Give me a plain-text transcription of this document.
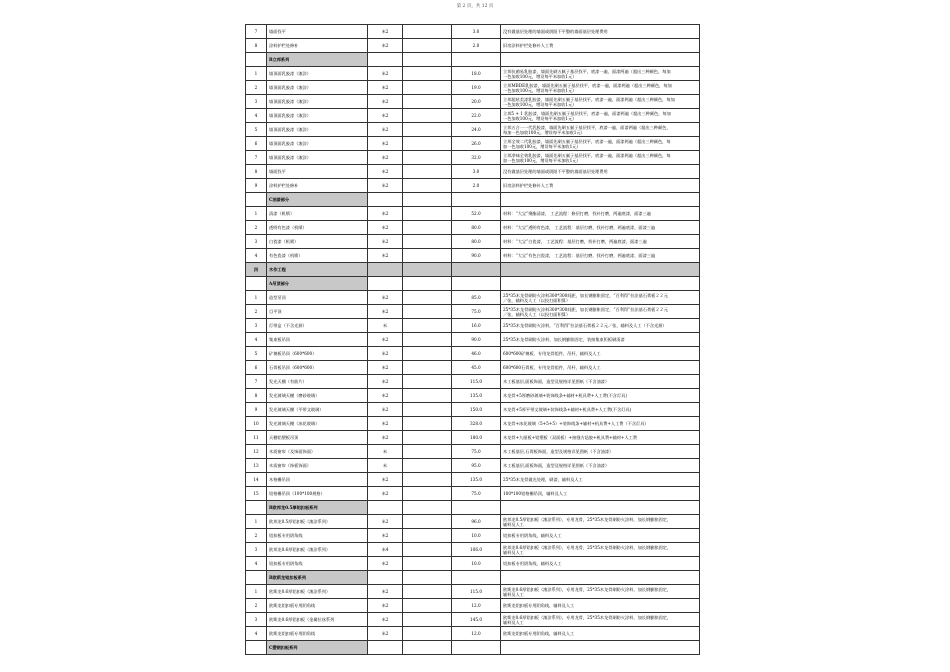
第 2 页，共 12 页
7	墙面找平	米2		3.0	没有做基层处理的墙面或阴阳不平整的墙面基层处理费用

8	涂料护栏处修补	米2		2.0	旧房涂料护栏处修补人工费

	B立邦系列				
1	墙顶面乳胶漆（滚涂）	米2		18.0	立邦抗菌易乳胶漆，墙面先刷五腻子基层找平，底漆一遍，面漆两遍（超出三种颜色，每加
一色加收100元，增设每平米加收1元）

2	墙顶面乳胶漆（滚涂）	米2		19.0	立邦MBDE乳胶漆，墙面先刷五腻子基层找平，底漆一遍，面漆两遍（超出三种颜色，每加
一色加收100元，增设每平米加收1元）

3	墙顶面乳胶漆（滚涂）	米2		20.0	立邦超炫美漆乳胶漆，墙面先刷五腻子基层找平，底漆一遍，面漆两遍（超出三种颜色，每加
一色加收100元，增设每平米加收1元）

4	墙顶面乳胶漆（滚涂）	米2		22.0	立邦5 + 1 乳胶漆，墙面先刷五腻子基层找平，底漆一遍，面漆两遍（超出三种颜色，每加
一色加收100元，增设每平米加收1元）

5	墙顶面乳胶漆（滚涂）	米2		24.0	立邦五合一一代乳胶漆，墙面先刷五腻子基层找平，底漆一遍，面漆两遍（超出三种颜色，
每加一色加收100元，增设每平米加收1元）

6	墙顶面乳胶漆（滚涂）	米2		26.0	立邦全效二代乳胶漆，墙面先刷五腻子基层找平，底漆一遍，面漆两遍（超出三种颜色，每
加一色加收100元，增设每平米加收1元）

7	墙顶面乳胶漆（滚涂）	米2		32.0	立邦净味全效乳胶漆，墙面先刷五腻子基层找平，底漆一遍，面漆两遍（超出三种颜色，每
加一色加收100元，增设每平米加收1元）

8	墙面找平	米2		3.0	没有做基层处理的墙面或阴阳不平整的墙面基层处理费用

9	涂料护栏处修补	米2		2.0	旧房涂料护栏处修补人工费

	C油漆部分				
1	清漆（机喷）	米2		52.0	材料：“大宝”聚酯清漆， 工艺流程：修层打磨，找补打磨，两遍底漆，面漆三遍

2	透明有色漆（机喷）	米2		80.0	材料：“大宝”透明有色漆， 工艺流程：基层打磨，找补打磨，两遍底漆，面漆三遍

3	白瓷漆（机喷）	米2		80.0	材料：“大宝”白瓷漆， 工艺流程：基层打磨，找补打磨，两遍底漆，面漆三遍

4	有色瓷漆（机喷）	米2		90.0	材料：“大宝”有色白瓷漆， 工艺流程：基层打磨，找补打磨，两遍底漆，面漆三遍

四	木作工程				
	A吊顶部分				
1	造型吊顶	米2		85.0	25*35木龙骨刷防火涂料300*300间距，加长钢膨胀固定，“百利得”拉法基石膏板２２元
／张，辅料及人工（以投打面积算）

2	目平顶	米2		75.0	25*35木龙骨刷防火涂料300*300间距，加长钢膨胀固定，“百利得”拉法基石膏板２２元
／张，辅料及人工（以投打面积算）

3	灯带盒（不含光源）	米		16.0	25*35木龙骨刷防火涂料，“百利得”拉法基石膏板２２元／张，辅料及人工（不含光源）

4	集束板吊顶	米2		90.0	25*35木龙骨刷防火涂料、加长钢膨胀固定，装接集束柜板刷清漆

5	矿棉板吊顶（600*600）	米2		46.0	600*600矿棉板、专用龙骨组件，吊杆，辅料及人工

6	石膏板吊顶（600*600）	米2		45.0	600*600石膏板、专用龙骨组件，吊杆，辅料及人工

7	发光天棚（有筋片）	米2		115.0	木工板基层,面板饰面，造型及规格详见图纸（不含油漆）

8	发光玻璃天棚（磨砂玻璃）	米2		135.0	木龙骨+5厚磨砂玻璃+装饰线条+辅材+机具费+人工费(不含灯具)

9	发光玻璃天棚（平带文玻璃）	米2		150.0	木龙骨+5厚平带文玻璃+装饰线条+辅材+机具费+人工费(不含灯具)

10	发光玻璃天棚（冰花玻璃）	米2		328.0	木龙骨+冰花玻璃（5+5+5）+装饰线条+辅材+机具费+人工费（不含灯具）

11	天棚铝塑板吊顶	米2		180.0	木龙骨+九厘板+铝塑板（双面板）+接缝方毡胶+机具费+辅材+人工费

12	木质窗帘（及饰面饰面）	米		75.0	木工板基层,石膏板饰面，造型及规格详见图纸（不含油漆）

13	木质窗帘（饰板饰面）	米		95.0	木工板基层,面板饰面，造型及规格详见图纸（不含油漆）

14	木格栅吊顶	米2		135.0	25*35木龙骨做光处理，刷漆，辅料及人工

15	铝格栅吊顶（100*100规格）	米2		75.0	100*100铝格栅吊顶，辅料及人工

	B欧邦龙0.5厚铝扣板系列				
1	欧邦龙0.5厚铝扣板（滚涂系列）	米2		96.0	欧邦龙0.5厚铝扣板（滚涂系列），专用龙骨，25*35木龙骨刷防火涂料，加长钢膨胀固定，
辅料及人工

2	铝扣板专用阴角线	米2		10.0	铝扣板专用阴角线，辅料及人工

3	欧邦龙0.6厚铝扣板（滚涂系列）	米4		106.0	欧邦龙0.6厚铝扣板（滚涂系列），专用龙骨，25*35木龙骨刷防火涂料，加长钢膨胀固定，
辅料及人工

4	铝扣板专用阴角线	米2		10.0	铝扣板专用阴角线，辅料及人工

	B欧斯龙铝扣板系列				
1	欧斯龙0.6厚铝扣板（滚涂系列）	米2		115.0	欧斯龙0.6厚铝扣板（滚涂系列），专用龙骨，25*35木龙骨刷防火涂料，加长钢膨胀固定，
辅料及人工

2	欧斯龙铝扣板专用阴角线	米2		12.0	欧斯龙铝扣板专用阴角线，辅料及人工

3	欧斯龙0.6厚铝扣板（金属拉丝系列	米2		145.0	欧斯龙0.6厚铝扣板（滚涂系列），专用龙骨，25*35木龙骨刷防火涂料，加长钢膨胀固定，
辅料及人工

4	欧斯龙铝扣板专用阴角线	米2		12.0	欧斯龙铝扣板专用阴角线，辅料及人工

	C塑钢扣板系列				
